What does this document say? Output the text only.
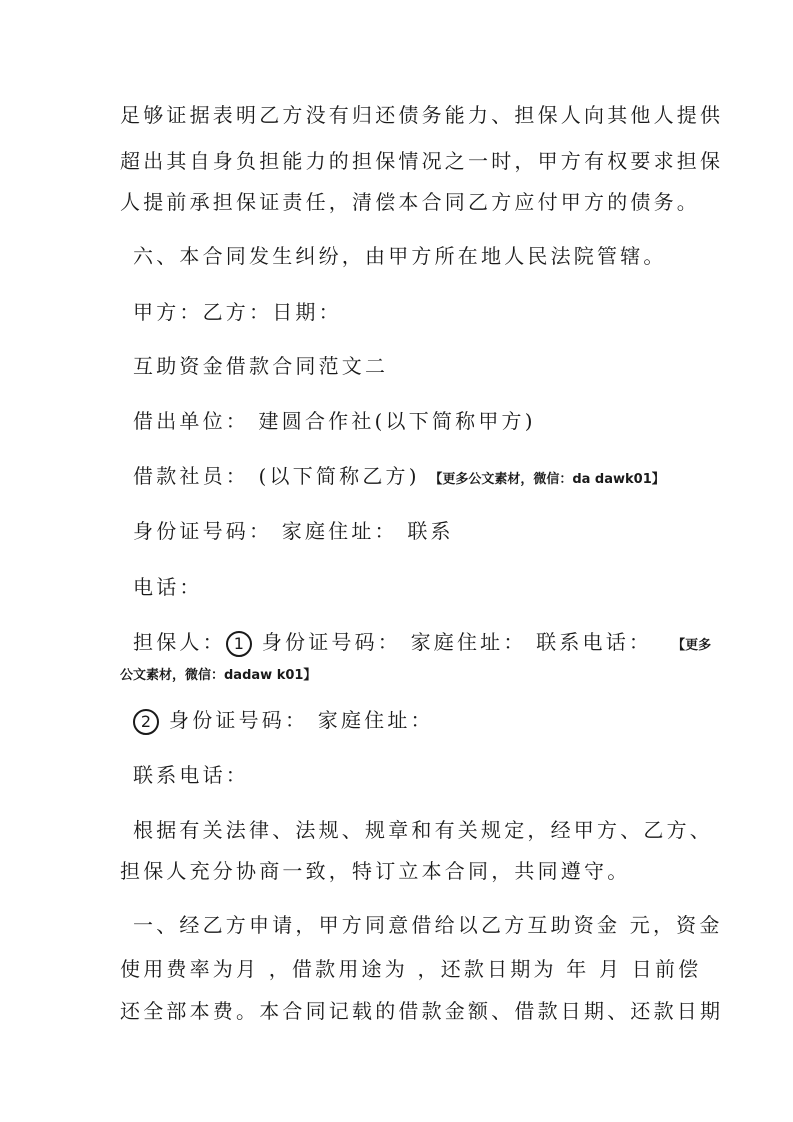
足够证据表明乙方没有归还债务能力、担保人向其他人提供
超出其自身负担能力的担保情况之一时，甲方有权要求担保
人提前承担保证责任，清偿本合同乙方应付甲方的债务。
六、本合同发生纠纷，由甲方所在地人民法院管辖。
甲方：乙方：日期：
互助资金借款合同范文二
借出单位： 建圆合作社(以下简称甲方)
借款社员： (以下简称乙方) 【更多公文素材，微信：da dawk01】
身份证号码： 家庭住址： 联系
电话：
担保人： 1 身份证号码： 家庭住址： 联系电话： 【更多
公文素材，微信：dadaw k01】
2 身份证号码： 家庭住址：
联系电话：
根据有关法律、法规、规章和有关规定，经甲方、乙方、
担保人充分协商一致，特订立本合同，共同遵守。
一、经乙方申请，甲方同意借给以乙方互助资金 元，资金
使用费率为月 ，借款用途为 ，还款日期为 年 月 日前偿
还全部本费。本合同记载的借款金额、借款日期、还款日期
